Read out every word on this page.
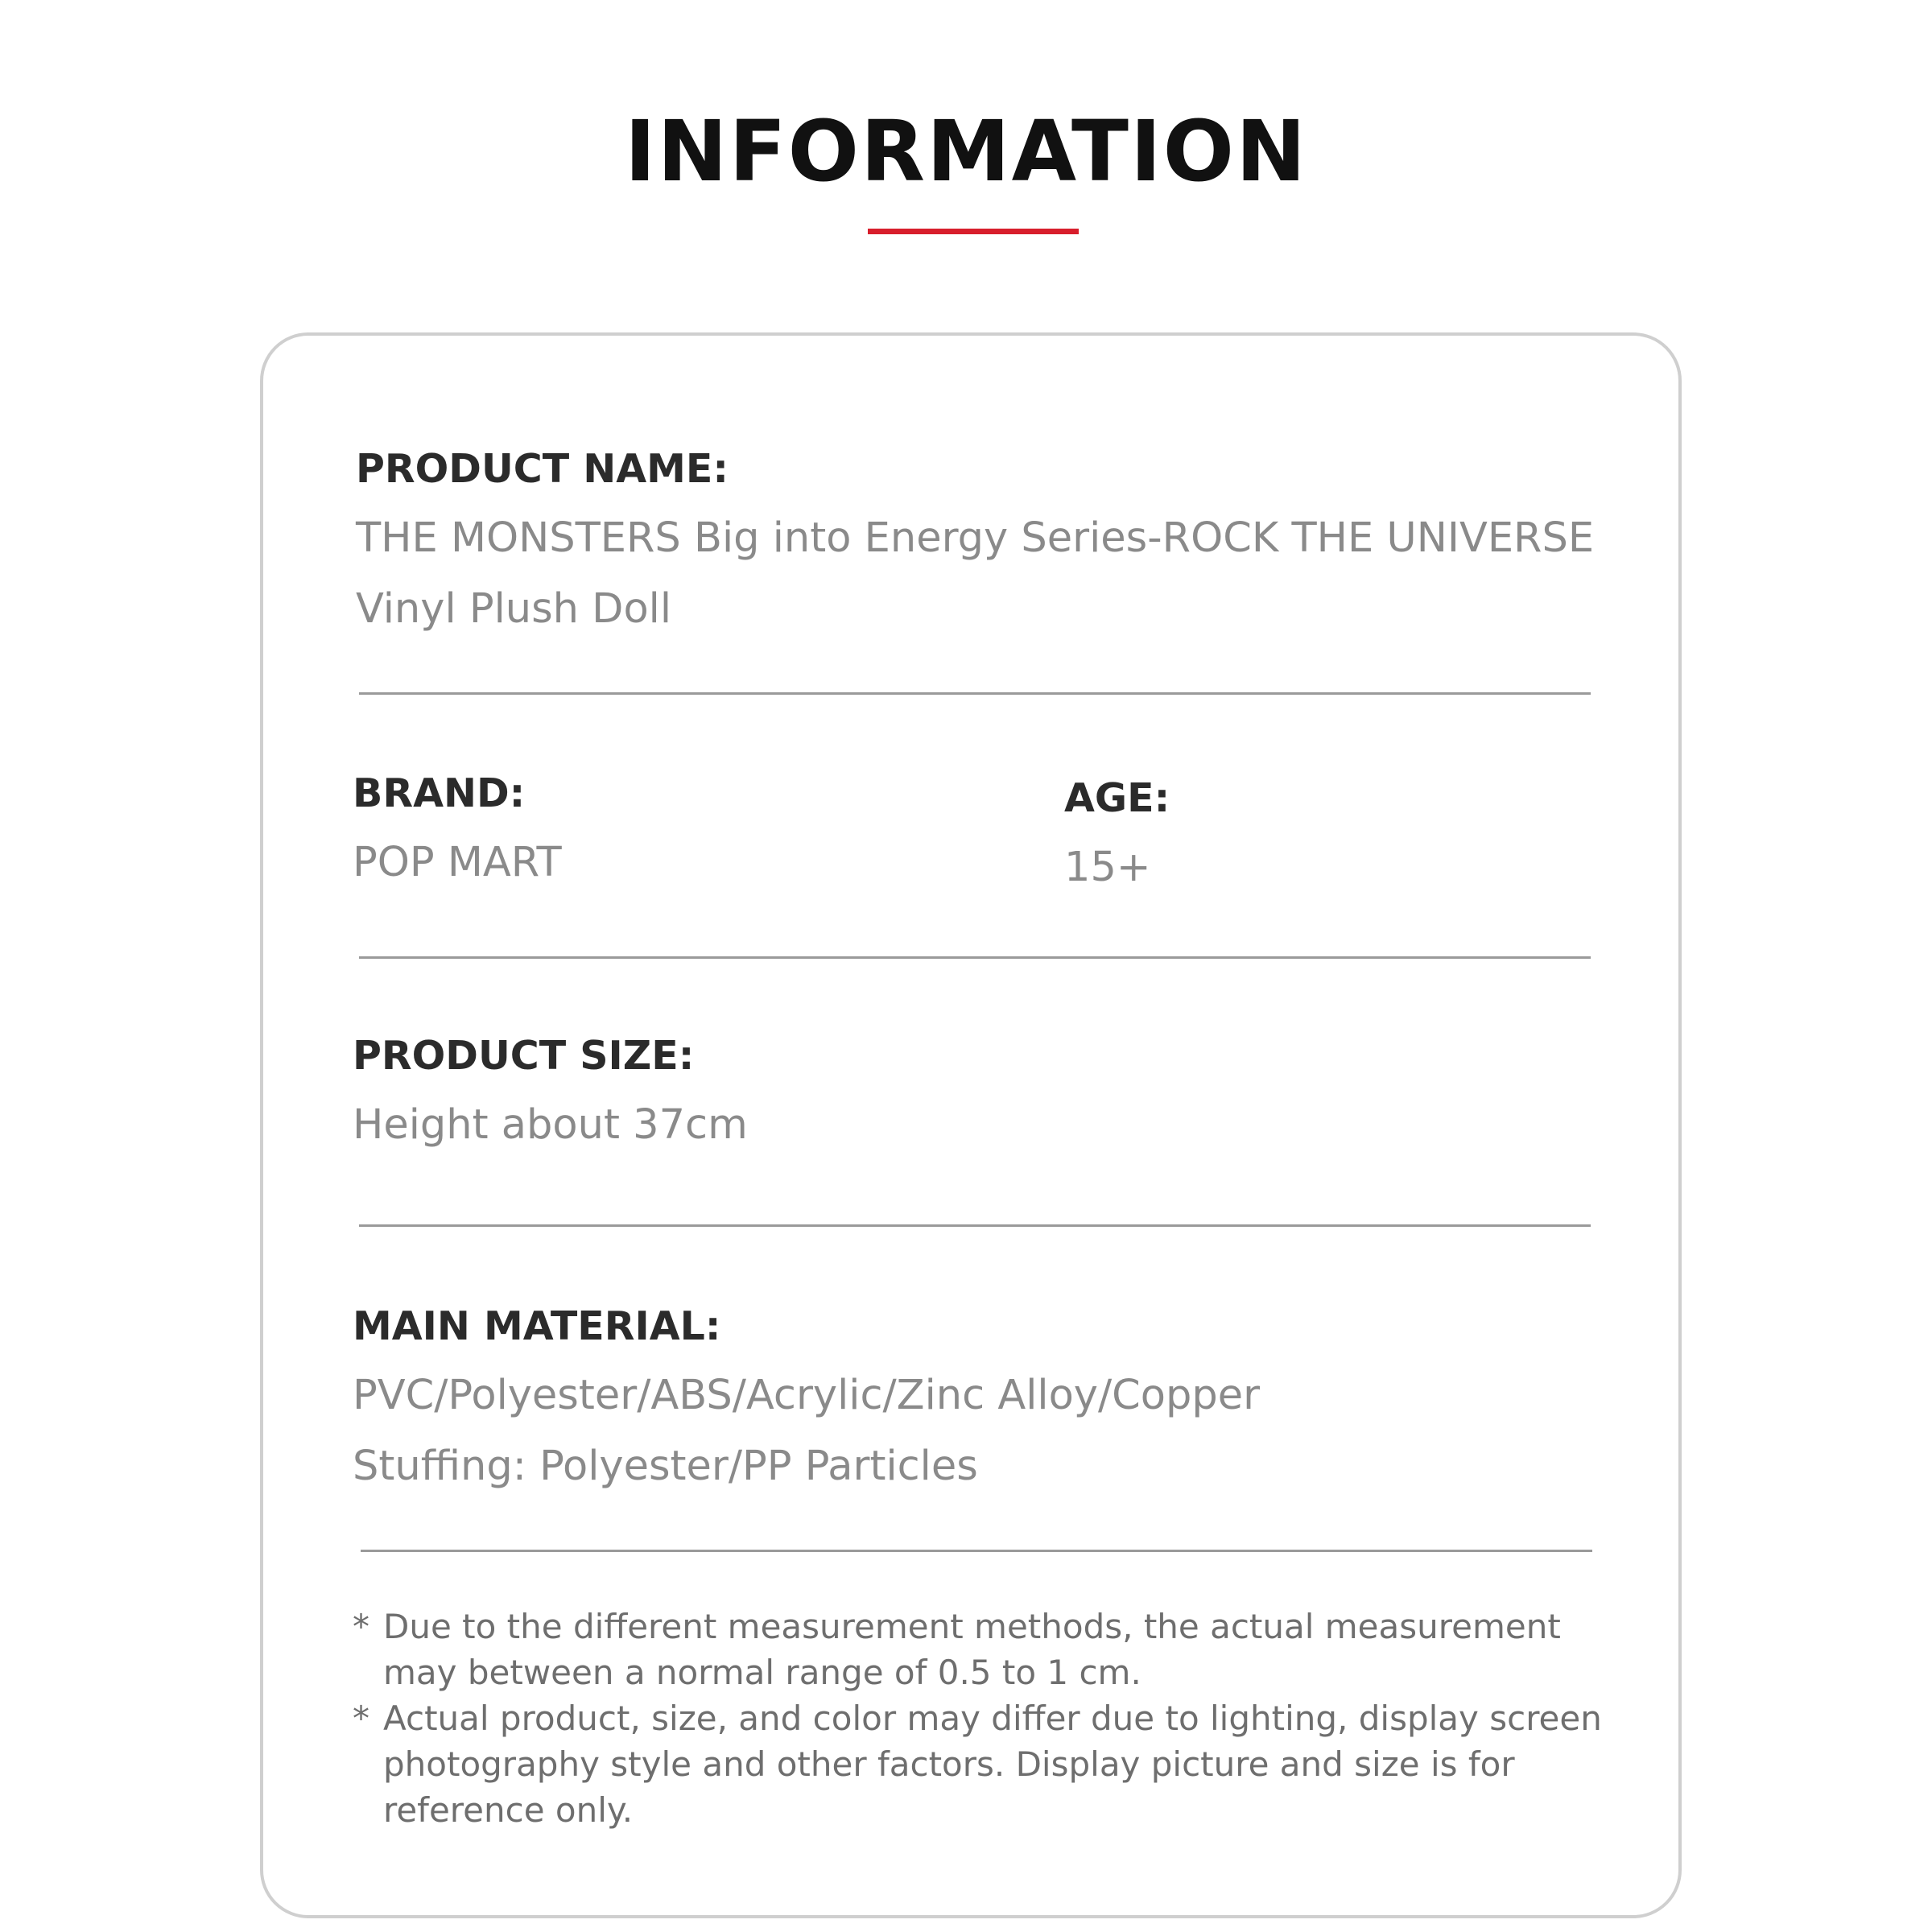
INFORMATION
PRODUCT NAME:
THE MONSTERS Big into Energy Series-ROCK THE UNIVERSE
Vinyl Plush Doll
BRAND:
POP MART
AGE:
15+
PRODUCT SIZE:
Height about 37cm
MAIN MATERIAL:
PVC/Polyester/ABS/Acrylic/Zinc Alloy/Copper
Stuffing: Polyester/PP Particles
* Due to the different measurement methods, the actual measurement may between a normal range of 0.5 to 1 cm.
* Actual product, size, and color may differ due to lighting, display screen photography style and other factors. Display picture and size is for reference only.
